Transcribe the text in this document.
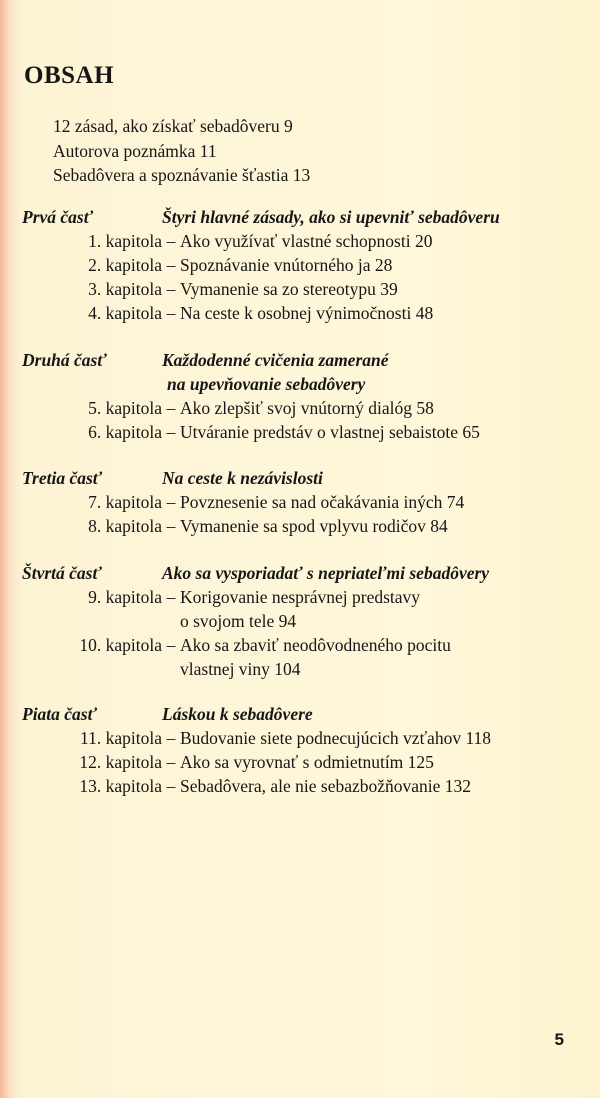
OBSAH
12 zásad, ako získať sebadôveru 9
Autorova poznámka 11
Sebadôvera a spoznávanie šťastia 13
Prvá časť	Štyri hlavné zásady, ako si upevniť sebadôveru
1. kapitola – Ako využívať vlastné schopnosti 20
2. kapitola – Spoznávanie vnútorného ja 28
3. kapitola – Vymanenie sa zo stereotypu 39
4. kapitola – Na ceste k osobnej výnimočnosti 48
Druhá časť	Každodenné cvičenia zamerané
na upevňovanie sebadôvery
5. kapitola – Ako zlepšiť svoj vnútorný dialóg 58
6. kapitola – Utváranie predstáv o vlastnej sebaistote 65
Tretia časť	Na ceste k nezávislosti
7. kapitola – Povznesenie sa nad očakávania iných 74
8. kapitola – Vymanenie sa spod vplyvu rodičov 84
Štvrtá časť	Ako sa vysporiadať s nepriateľmi sebadôvery
9. kapitola – Korigovanie nesprávnej predstavy
o svojom tele 94
10. kapitola – Ako sa zbaviť neodôvodneného pocitu
vlastnej viny 104
Piata časť	Láskou k sebadôvere
11. kapitola – Budovanie siete podnecujúcich vzťahov 118
12. kapitola – Ako sa vyrovnať s odmietnutím 125
13. kapitola – Sebadôvera, ale nie sebazbožňovanie 132
5
